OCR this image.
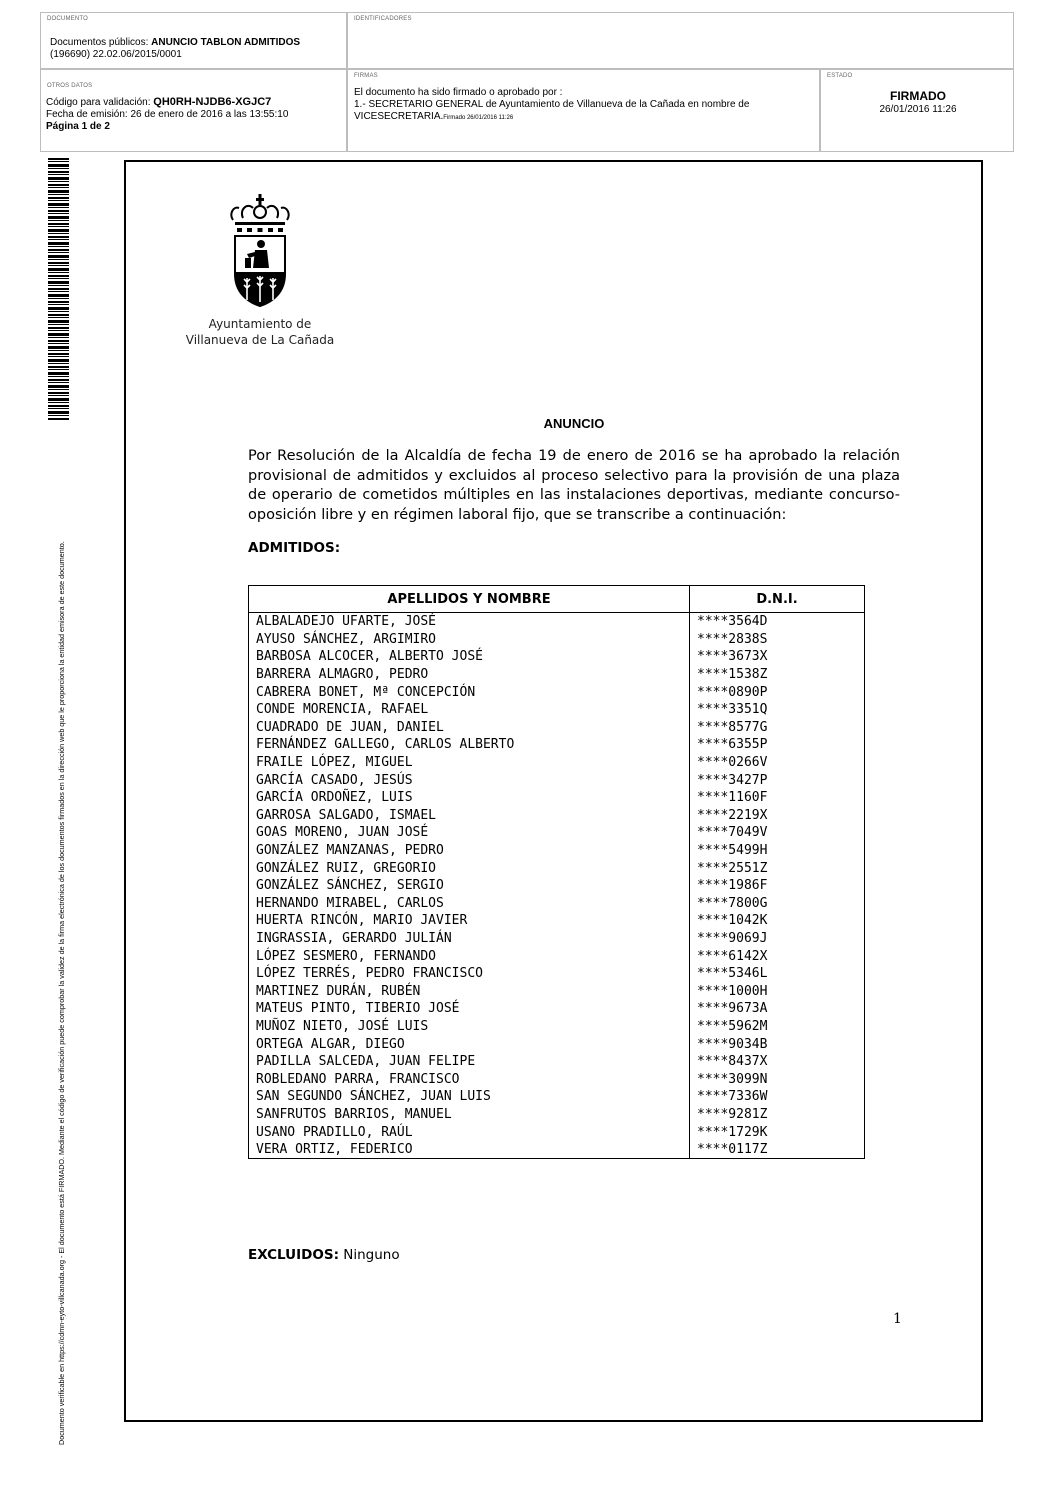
DOCUMENTO
Documentos públicos: ANUNCIO TABLON ADMITIDOS
(196690) 22.02.06/2015/0001
IDENTIFICADORES
OTROS DATOS
Código para validación: QH0RH-NJDB6-XGJC7
Fecha de emisión: 26 de enero de 2016 a las 13:55:10
Página 1 de 2
FIRMAS
El documento ha sido firmado o aprobado por :
1.- SECRETARIO GENERAL de Ayuntamiento de Villanueva de la Cañada en nombre de
VICESECRETARIA.Firmado 26/01/2016 11:26
ESTADO
FIRMADO
26/01/2016 11:26
Documento verificable en https://cdmn-eyto-villcanada.org - El documento está FIRMADO. Mediante el código de verificación puede comprobar la validez de la firma electrónica de los documentos firmados en la dirección web que le proporciona la entidad emisora de este documento.
Ayuntamiento de
Villanueva de La Cañada
ANUNCIO
Por Resolución de la Alcaldía de fecha 19 de enero de 2016 se ha aprobado la relación provisional de admitidos y excluidos al proceso selectivo para la provisión de una plaza de operario de cometidos múltiples en las instalaciones deportivas, mediante concurso-oposición libre y en régimen laboral fijo, que se transcribe a continuación:
ADMITIDOS:
APELLIDOS Y NOMBRE	D.N.I.
ALBALADEJO UFARTE, JOSÉ	****3564D
AYUSO SÁNCHEZ, ARGIMIRO	****2838S
BARBOSA ALCOCER, ALBERTO JOSÉ	****3673X
BARRERA ALMAGRO, PEDRO	****1538Z
CABRERA BONET, Mª CONCEPCIÓN	****0890P
CONDE MORENCIA, RAFAEL	****3351Q
CUADRADO DE JUAN, DANIEL	****8577G
FERNÁNDEZ GALLEGO, CARLOS ALBERTO	****6355P
FRAILE LÓPEZ, MIGUEL	****0266V
GARCÍA CASADO, JESÚS	****3427P
GARCÍA ORDOÑEZ, LUIS	****1160F
GARROSA SALGADO, ISMAEL	****2219X
GOAS MORENO, JUAN JOSÉ	****7049V
GONZÁLEZ MANZANAS, PEDRO	****5499H
GONZÁLEZ RUIZ, GREGORIO	****2551Z
GONZÁLEZ SÁNCHEZ, SERGIO	****1986F
HERNANDO MIRABEL, CARLOS	****7800G
HUERTA RINCÓN, MARIO JAVIER	****1042K
INGRASSIA, GERARDO JULIÁN	****9069J
LÓPEZ SESMERO, FERNANDO	****6142X
LÓPEZ TERRÉS, PEDRO FRANCISCO	****5346L
MARTINEZ DURÁN, RUBÉN	****1000H
MATEUS PINTO, TIBERIO JOSÉ	****9673A
MUÑOZ NIETO, JOSÉ LUIS	****5962M
ORTEGA ALGAR, DIEGO	****9034B
PADILLA SALCEDA, JUAN FELIPE	****8437X
ROBLEDANO PARRA, FRANCISCO	****3099N
SAN SEGUNDO SÁNCHEZ, JUAN LUIS	****7336W
SANFRUTOS BARRIOS, MANUEL	****9281Z
USANO PRADILLO, RAÚL	****1729K
VERA ORTIZ, FEDERICO	****0117Z
EXCLUIDOS: Ninguno
1
